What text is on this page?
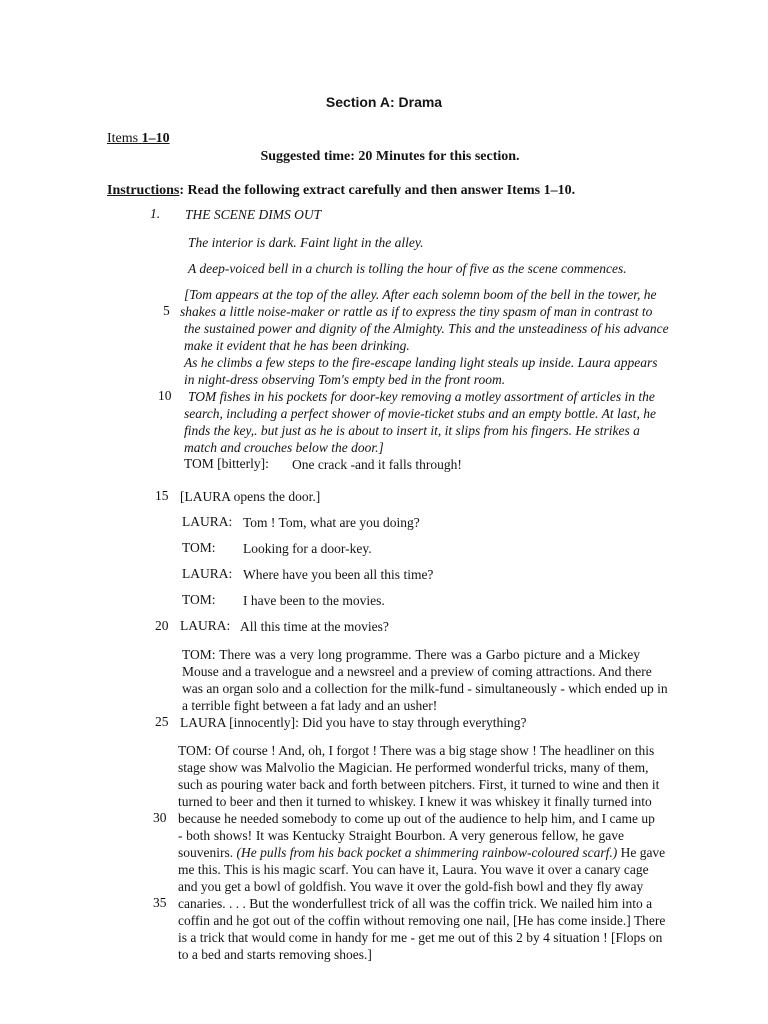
Section A: Drama
Items 1–10
Suggested time: 20 Minutes for this section.
Instructions: Read the following extract carefully and then answer Items 1–10.
1. THE SCENE DIMS OUT
The interior is dark. Faint light in the alley.
A deep-voiced bell in a church is tolling the hour of five as the scene commences.
[Tom appears at the top of the alley. After each solemn boom of the bell in the tower, he
5 shakes a little noise-maker or rattle as if to express the tiny spasm of man in contrast to
the sustained power and dignity of the Almighty. This and the unsteadiness of his advance
make it evident that he has been drinking.
As he climbs a few steps to the fire-escape landing light steals up inside. Laura appears
in night-dress observing Tom's empty bed in the front room.
10 TOM fishes in his pockets for door-key removing a motley assortment of articles in the
search, including a perfect shower of movie-ticket stubs and an empty bottle. At last, he
finds the key,. but just as he is about to insert it, it slips from his fingers. He strikes a
match and crouches below the door.]
TOM [bitterly]: One crack -and it falls through!
15 [LAURA opens the door.]
LAURA: Tom ! Tom, what are you doing?
TOM: Looking for a door-key.
LAURA: Where have you been all this time?
TOM: I have been to the movies.
20 LAURA: All this time at the movies?
TOM: There was a very long programme. There was a Garbo picture and a Mickey
Mouse and a travelogue and a newsreel and a preview of coming attractions. And there
was an organ solo and a collection for the milk-fund - simultaneously - which ended up in
a terrible fight between a fat lady and an usher!
25 LAURA [innocently]: Did you have to stay through everything?
TOM: Of course ! And, oh, I forgot ! There was a big stage show ! The headliner on this
stage show was Malvolio the Magician. He performed wonderful tricks, many of them,
such as pouring water back and forth between pitchers. First, it turned to wine and then it
turned to beer and then it turned to whiskey. I knew it was whiskey it finally turned into
30 because he needed somebody to come up out of the audience to help him, and I came up
- both shows! It was Kentucky Straight Bourbon. A very generous fellow, he gave
souvenirs. (He pulls from his back pocket a shimmering rainbow-coloured scarf.) He gave
me this. This is his magic scarf. You can have it, Laura. You wave it over a canary cage
and you get a bowl of goldfish. You wave it over the gold-fish bowl and they fly away
35 canaries. . . . But the wonderfullest trick of all was the coffin trick. We nailed him into a
coffin and he got out of the coffin without removing one nail, [He has come inside.] There
is a trick that would come in handy for me - get me out of this 2 by 4 situation ! [Flops on
to a bed and starts removing shoes.]
